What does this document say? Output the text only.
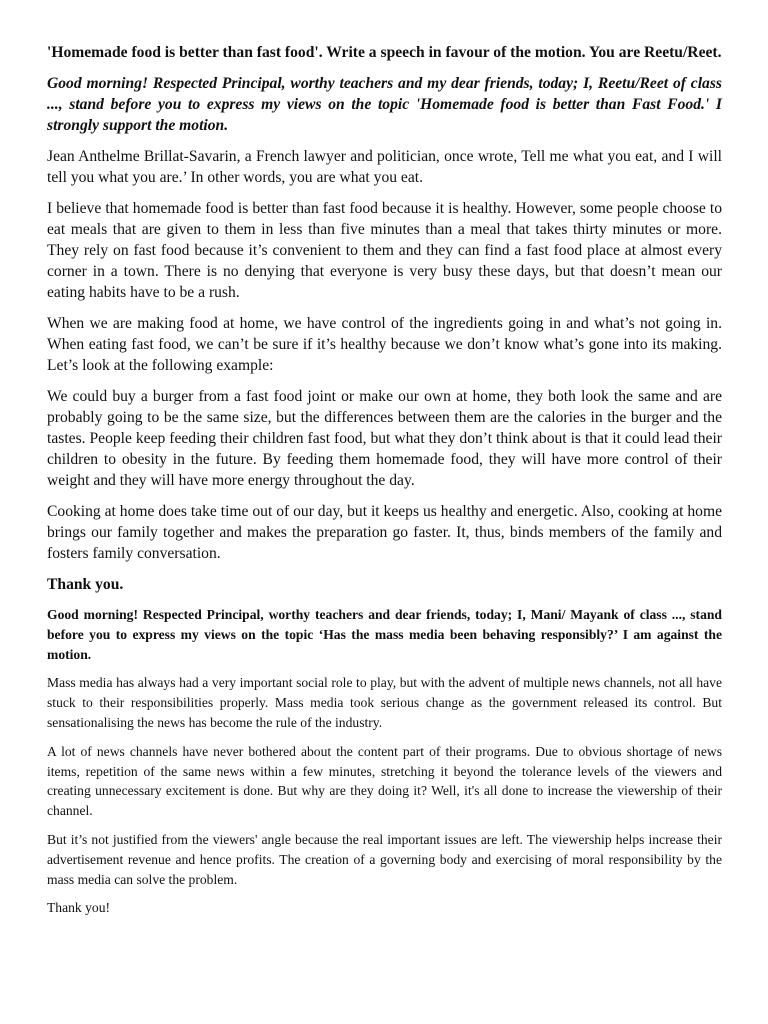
'Homemade food is better than fast food'. Write a speech in favour of the motion. You are Reetu/Reet.

Good morning! Respected Principal, worthy teachers and my dear friends, today; I, Reetu/Reet of class ..., stand before you to express my views on the topic 'Homemade food is better than Fast Food.' I strongly support the motion.

Jean Anthelme Brillat-Savarin, a French lawyer and politician, once wrote, Tell me what you eat, and I will tell you what you are.’ In other words, you are what you eat.

I believe that homemade food is better than fast food because it is healthy. However, some people choose to eat meals that are given to them in less than five minutes than a meal that takes thirty minutes or more. They rely on fast food because it’s convenient to them and they can find a fast food place at almost every corner in a town. There is no denying that everyone is very busy these days, but that doesn’t mean our eating habits have to be a rush.

When we are making food at home, we have control of the ingredients going in and what’s not going in. When eating fast food, we can’t be sure if it’s healthy because we don’t know what’s gone into its making. Let’s look at the following example:

We could buy a burger from a fast food joint or make our own at home, they both look the same and are probably going to be the same size, but the differences between them are the calories in the burger and the tastes. People keep feeding their children fast food, but what they don’t think about is that it could lead their children to obesity in the future. By feeding them homemade food, they will have more control of their weight and they will have more energy throughout the day.

Cooking at home does take time out of our day, but it keeps us healthy and energetic. Also, cooking at home brings our family together and makes the preparation go faster. It, thus, binds members of the family and fosters family conversation.

Thank you.

Good morning! Respected Principal, worthy teachers and dear friends, today; I, Mani/ Mayank of class ..., stand before you to express my views on the topic ‘Has the mass media been behaving responsibly?’ I am against the motion.

Mass media has always had a very important social role to play, but with the advent of multiple news channels, not all have stuck to their responsibilities properly. Mass media took serious change as the government released its control. But sensationalising the news has become the rule of the industry.

A lot of news channels have never bothered about the content part of their programs. Due to obvious shortage of news items, repetition of the same news within a few minutes, stretching it beyond the tolerance levels of the viewers and creating unnecessary excitement is done. But why are they doing it? Well, it's all done to increase the viewership of their channel.

But it’s not justified from the viewers' angle because the real important issues are left. The viewership helps increase their advertisement revenue and hence profits. The creation of a governing body and exercising of moral responsibility by the mass media can solve the problem.

Thank you!
